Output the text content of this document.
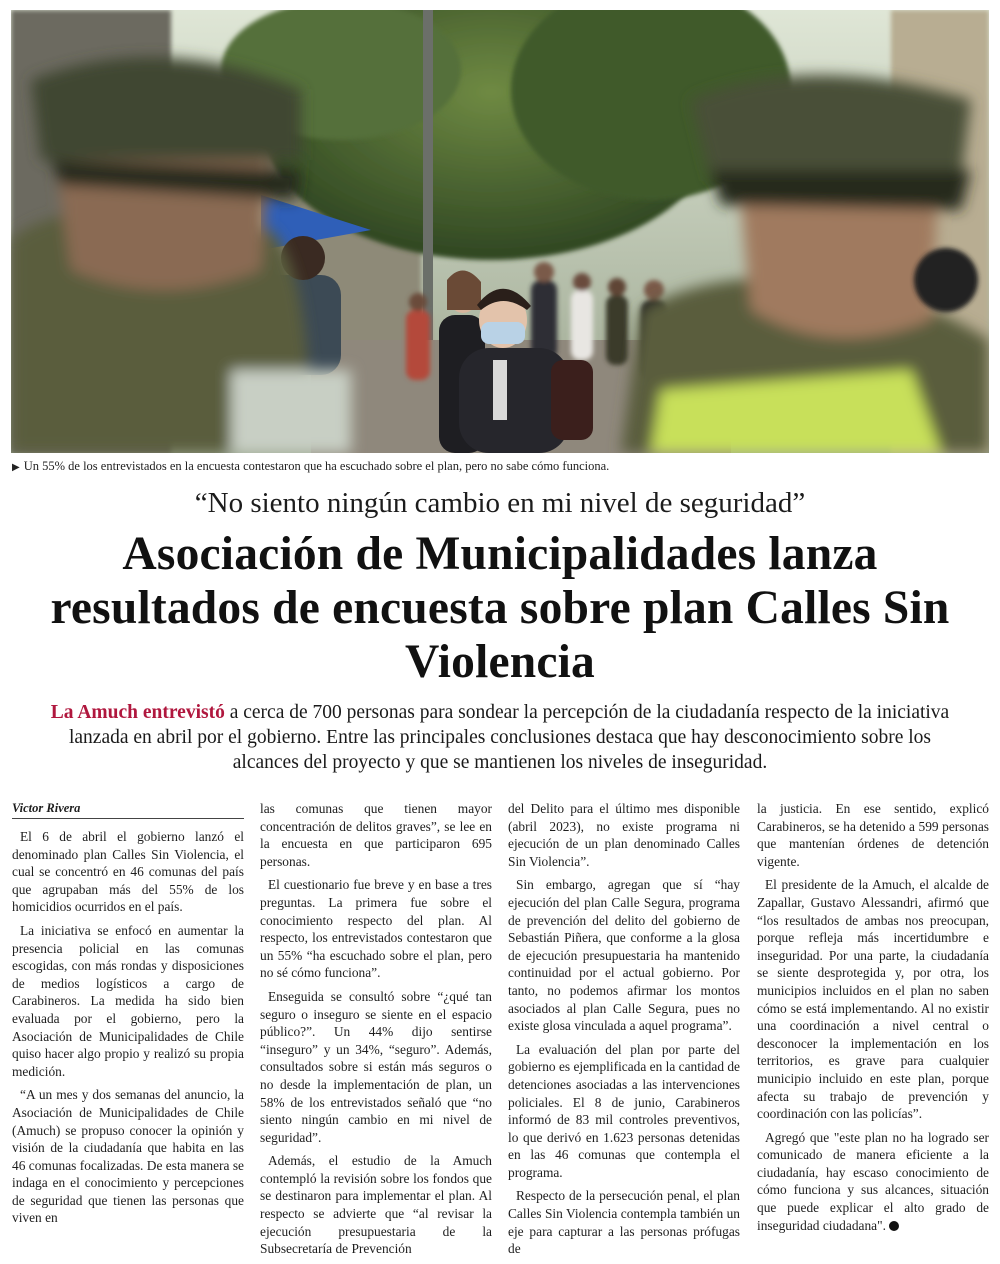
▶ Un 55% de los entrevistados en la encuesta contestaron que ha escuchado sobre el plan, pero no sabe cómo funciona.
“No siento ningún cambio en mi nivel de seguridad”
Asociación de Municipalidades lanza resultados de encuesta sobre plan Calles Sin Violencia
La Amuch entrevistó a cerca de 700 personas para sondear la percepción de la ciudadanía respecto de la iniciativa lanzada en abril por el gobierno. Entre las principales conclusiones destaca que hay desconocimiento sobre los alcances del proyecto y que se mantienen los niveles de inseguridad.
Victor Rivera

El 6 de abril el gobierno lanzó el denominado plan Calles Sin Violencia, el cual se concentró en 46 comunas del país que agrupaban más del 55% de los homicidios ocurridos en el país.

La iniciativa se enfocó en aumentar la presencia policial en las comunas escogidas, con más rondas y disposiciones de medios logísticos a cargo de Carabineros. La medida ha sido bien evaluada por el gobierno, pero la Asociación de Municipalidades de Chile quiso hacer algo propio y realizó su propia medición.

“A un mes y dos semanas del anuncio, la Asociación de Municipalidades de Chile (Amuch) se propuso conocer la opinión y visión de la ciudadanía que habita en las 46 comunas focalizadas. De esta manera se indaga en el conocimiento y percepciones de seguridad que tienen las personas que viven en

las comunas que tienen mayor concentración de delitos graves”, se lee en la encuesta en que participaron 695 personas.

El cuestionario fue breve y en base a tres preguntas. La primera fue sobre el conocimiento respecto del plan. Al respecto, los entrevistados contestaron que un 55% “ha escuchado sobre el plan, pero no sé cómo funciona”.

Enseguida se consultó sobre “¿qué tan seguro o inseguro se siente en el espacio público?”. Un 44% dijo sentirse “inseguro” y un 34%, “seguro”. Además, consultados sobre si están más seguros o no desde la implementación de plan, un 58% de los entrevistados señaló que “no siento ningún cambio en mi nivel de seguridad”.

Además, el estudio de la Amuch contempló la revisión sobre los fondos que se destinaron para implementar el plan. Al respecto se advierte que “al revisar la ejecución presupuestaria de la Subsecretaría de Prevención

del Delito para el último mes disponible (abril 2023), no existe programa ni ejecución de un plan denominado Calles Sin Violencia”.

Sin embargo, agregan que sí “hay ejecución del plan Calle Segura, programa de prevención del delito del gobierno de Sebastián Piñera, que conforme a la glosa de ejecución presupuestaria ha mantenido continuidad por el actual gobierno. Por tanto, no podemos afirmar los montos asociados al plan Calle Segura, pues no existe glosa vinculada a aquel programa”.

La evaluación del plan por parte del gobierno es ejemplificada en la cantidad de detenciones asociadas a las intervenciones policiales. El 8 de junio, Carabineros informó de 83 mil controles preventivos, lo que derivó en 1.623 personas detenidas en las 46 comunas que contempla el programa.

Respecto de la persecución penal, el plan Calles Sin Violencia contempla también un eje para capturar a las personas prófugas de

la justicia. En ese sentido, explicó Carabineros, se ha detenido a 599 personas que mantenían órdenes de detención vigente.

El presidente de la Amuch, el alcalde de Zapallar, Gustavo Alessandri, afirmó que “los resultados de ambas nos preocupan, porque refleja más incertidumbre e inseguridad. Por una parte, la ciudadanía se siente desprotegida y, por otra, los municipios incluidos en el plan no saben cómo se está implementando. Al no existir una coordinación a nivel central o desconocer la implementación en los territorios, es grave para cualquier municipio incluido en este plan, porque afecta su trabajo de prevención y coordinación con las policías”.

Agregó que "este plan no ha logrado ser comunicado de manera eficiente a la ciudadanía, hay escaso conocimiento de cómo funciona y sus alcances, situación que puede explicar el alto grado de inseguridad ciudadana".
